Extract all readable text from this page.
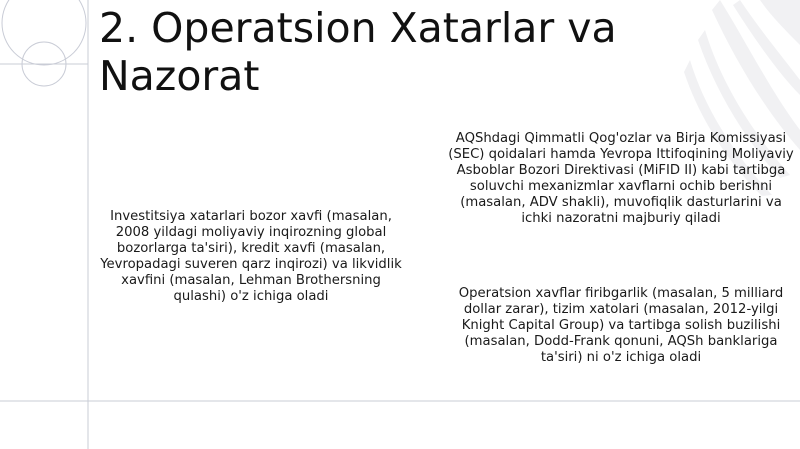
2. Operatsion Xatarlar va Nazorat

Investitsiya xatarlari bozor xavfi (masalan, 2008 yildagi moliyaviy inqirozning global bozorlarga ta'siri), kredit xavfi (masalan, Yevropadagi suveren qarz inqirozi) va likvidlik xavfini (masalan, Lehman Brothersning qulashi) o'z ichiga oladi

AQShdagi Qimmatli Qog'ozlar va Birja Komissiyasi (SEC) qoidalari hamda Yevropa Ittifoqining Moliyaviy Asboblar Bozori Direktivasi (MiFID II) kabi tartibga soluvchi mexanizmlar xavflarni ochib berishni (masalan, ADV shakli), muvofiqlik dasturlarini va ichki nazoratni majburiy qiladi

Operatsion xavflar firibgarlik (masalan, 5 milliard dollar zarar), tizim xatolari (masalan, 2012-yilgi Knight Capital Group) va tartibga solish buzilishi (masalan, Dodd-Frank qonuni, AQSh banklariga ta'siri) ni o'z ichiga oladi
